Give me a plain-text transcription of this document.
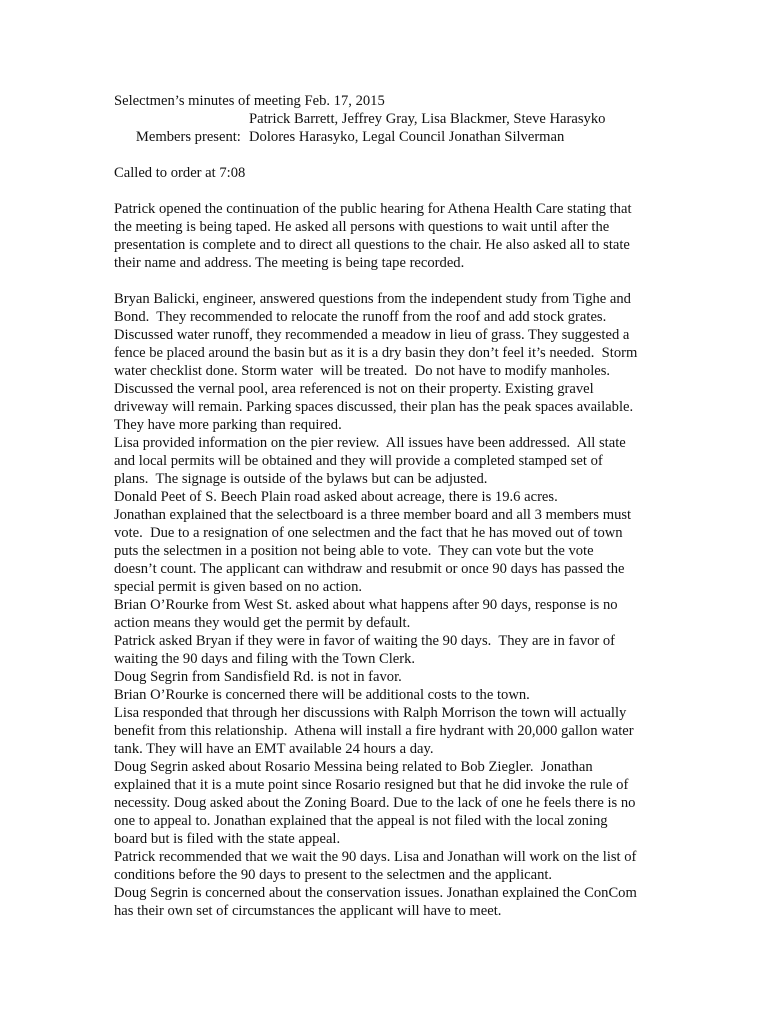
Selectmen’s minutes of meeting Feb. 17, 2015

Members present:

Patrick Barrett, Jeffrey Gray, Lisa Blackmer, Steve Harasyko

Dolores Harasyko, Legal Council Jonathan Silverman
Called to order at 7:08
Patrick opened the continuation of the public hearing for Athena Health Care stating that
the meeting is being taped. He asked all persons with questions to wait until after the
presentation is complete and to direct all questions to the chair. He also asked all to state
their name and address. The meeting is being tape recorded.
Bryan Balicki, engineer, answered questions from the independent study from Tighe and
Bond.  They recommended to relocate the runoff from the roof and add stock grates.
Discussed water runoff, they recommended a meadow in lieu of grass. They suggested a
fence be placed around the basin but as it is a dry basin they don’t feel it’s needed.  Storm
water checklist done. Storm water  will be treated.  Do not have to modify manholes.
Discussed the vernal pool, area referenced is not on their property. Existing gravel
driveway will remain. Parking spaces discussed, their plan has the peak spaces available.
They have more parking than required.
Lisa provided information on the pier review.  All issues have been addressed.  All state
and local permits will be obtained and they will provide a completed stamped set of
plans.  The signage is outside of the bylaws but can be adjusted.
Donald Peet of S. Beech Plain road asked about acreage, there is 19.6 acres.
Jonathan explained that the selectboard is a three member board and all 3 members must
vote.  Due to a resignation of one selectmen and the fact that he has moved out of town
puts the selectmen in a position not being able to vote.  They can vote but the vote
doesn’t count. The applicant can withdraw and resubmit or once 90 days has passed the
special permit is given based on no action.
Brian O’Rourke from West St. asked about what happens after 90 days, response is no
action means they would get the permit by default.
Patrick asked Bryan if they were in favor of waiting the 90 days.  They are in favor of
waiting the 90 days and filing with the Town Clerk.
Doug Segrin from Sandisfield Rd. is not in favor.
Brian O’Rourke is concerned there will be additional costs to the town.
Lisa responded that through her discussions with Ralph Morrison the town will actually
benefit from this relationship.  Athena will install a fire hydrant with 20,000 gallon water
tank. They will have an EMT available 24 hours a day.
Doug Segrin asked about Rosario Messina being related to Bob Ziegler.  Jonathan
explained that it is a mute point since Rosario resigned but that he did invoke the rule of
necessity. Doug asked about the Zoning Board. Due to the lack of one he feels there is no
one to appeal to. Jonathan explained that the appeal is not filed with the local zoning
board but is filed with the state appeal.
Patrick recommended that we wait the 90 days. Lisa and Jonathan will work on the list of
conditions before the 90 days to present to the selectmen and the applicant.
Doug Segrin is concerned about the conservation issues. Jonathan explained the ConCom
has their own set of circumstances the applicant will have to meet.
